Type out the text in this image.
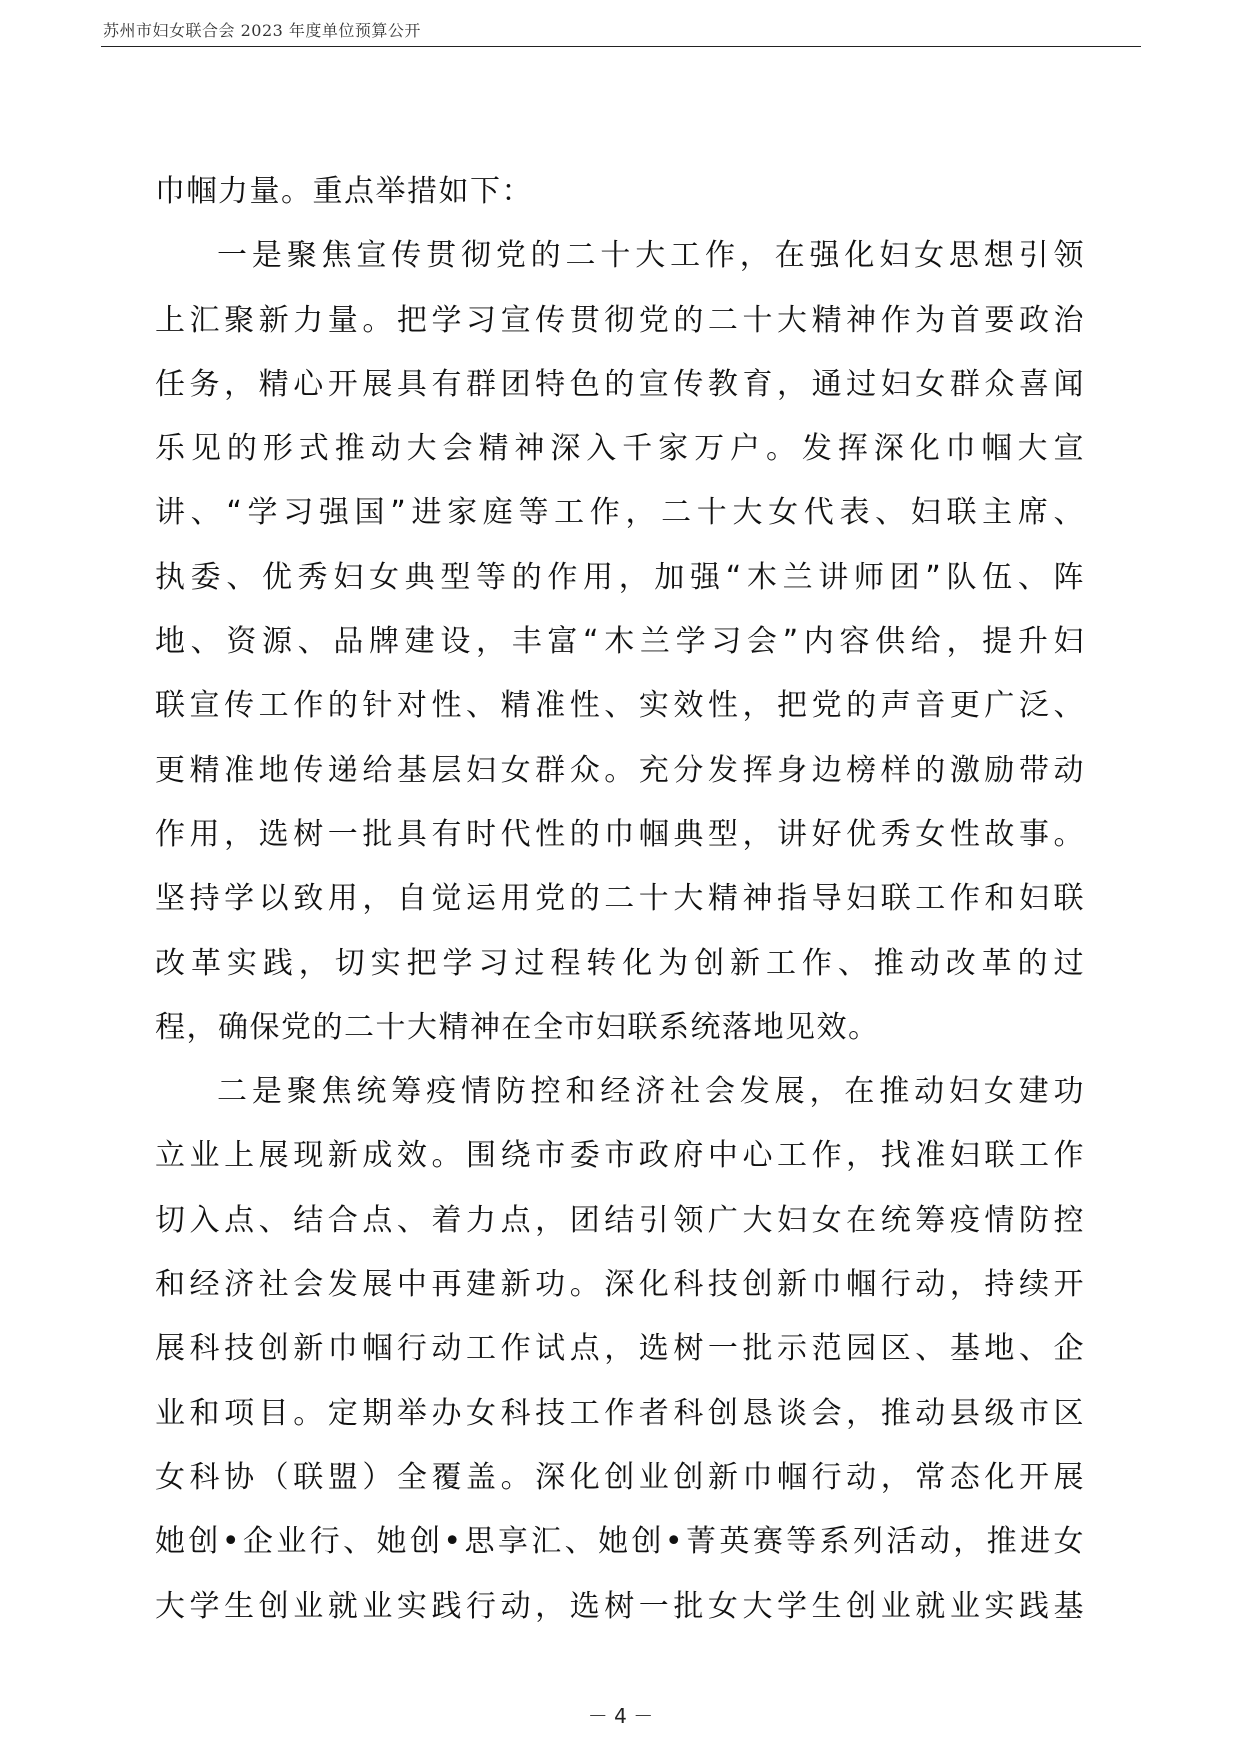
苏州市妇女联合会 2023 年度单位预算公开
巾帼力量。重点举措如下：
一是聚焦宣传贯彻党的二十大工作，在强化妇女思想引领
上汇聚新力量。把学习宣传贯彻党的二十大精神作为首要政治
任务，精心开展具有群团特色的宣传教育，通过妇女群众喜闻
乐见的形式推动大会精神深入千家万户。发挥深化巾帼大宣
讲、“学习强国”进家庭等工作，二十大女代表、妇联主席、
执委、优秀妇女典型等的作用，加强“木兰讲师团”队伍、阵
地、资源、品牌建设，丰富“木兰学习会”内容供给，提升妇
联宣传工作的针对性、精准性、实效性，把党的声音更广泛、
更精准地传递给基层妇女群众。充分发挥身边榜样的激励带动
作用，选树一批具有时代性的巾帼典型，讲好优秀女性故事。
坚持学以致用，自觉运用党的二十大精神指导妇联工作和妇联
改革实践，切实把学习过程转化为创新工作、推动改革的过
程，确保党的二十大精神在全市妇联系统落地见效。
二是聚焦统筹疫情防控和经济社会发展，在推动妇女建功
立业上展现新成效。围绕市委市政府中心工作，找准妇联工作
切入点、结合点、着力点，团结引领广大妇女在统筹疫情防控
和经济社会发展中再建新功。深化科技创新巾帼行动，持续开
展科技创新巾帼行动工作试点，选树一批示范园区、基地、企
业和项目。定期举办女科技工作者科创恳谈会，推动县级市区
女科协（联盟）全覆盖。深化创业创新巾帼行动，常态化开展
她创•企业行、她创•思享汇、她创•菁英赛等系列活动，推进女
大学生创业就业实践行动，选树一批女大学生创业就业实践基
－ 4 －
